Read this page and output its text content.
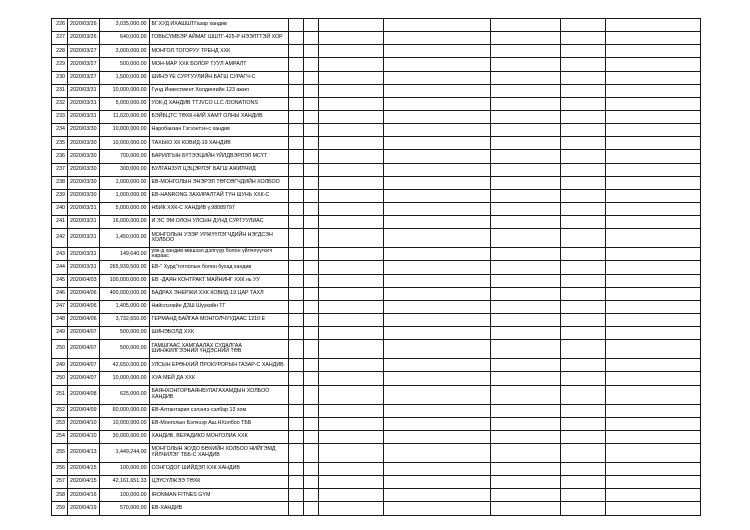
226	2020/03/26	3,035,000.00	БГ.ХУД ИХАШШТГазар хандив							
227	2020/03/26	640,000.00	ГОВЬСҮМБЭР АЙМАГ ШШТГ-425-Р НЭЭЛТТЭЙ ХОР							
228	2020/03/27	3,000,000.00	МОНГОЛ ТОГОРУУ ТРЕНД ХХК							
229	2020/03/27	500,000.00	МОН-МАР ХХК БОЛОР ТУУЛ АМРАЛТ							
230	2020/03/27	1,500,000.00	ШИНЭ ҮЕ СУРГУУЛИЙН БАГШ СУРАГЧ-С							
231	2020/03/31	10,000,000.00	Гүнд Инвестмент Холдингийн 123 ажил							
232	2020/03/31	5,000,000.00	УОК-Д ХАНДИВ TTJVCO LLC /DONATIONS							
233	2020/03/31	11,020,000.00	БЭЙБЦТС ТӨХК-НИЙ ХАМТ ОЛНЫ ХАНДИВ							
234	2020/03/30	10,000,000.00	Наробанзан Гэгээнтэн-с хандив							
235	2020/03/30	10,000,000.00	ТАХЬКО ХК КОВИД-19 ХАНДИВ							
236	2020/03/30	700,000.00	БАРИЛГЫН БҮТЭЭЦИЙН ҮЙЛДВЭРЛЭЛ МСҮТ							
237	2020/03/30	300,000.00	БУЛГАНЗУЛ ЦЭЦЭРЛЭГ БАГШ АЖИЛЧИД							
238	2020/03/30	1,000,000.00	ЕВ-МОНГОЛЫН ЭНЭРЭЛ ТӨГСӨГЧДИЙН ХОЛБОО							
239	2020/03/30	1,000,000.00	ЕВ-HANRONG ЗАХИРАЛТАЙ ТҮН ШУНЬ ХХК-С							
240	2020/03/31	5,000,000.00	НБИК ХХК-С ХАНДИВ у.98089797							
241	2020/03/31	16,000,000.00	И ЭС ЭМ ОЛОН УЛСЫН ДУНД СУРГУУЛИАС							
242	2020/03/31	1,450,000.00	МОНГОЛЫН УЭЭР УРЖҮҮЛЭГЧДИЙН НЭГДСЭН ХОЛБОО							
243	2020/03/31	149,640.00	уок-д хандив мишээл дэлгүүр болон үйлчлүүлэгч нараас							
244	2020/03/31	265,939,500.00	ЕВ-" Хурд"тоглолын болон бусад хандив							
245	2020/04/03	100,000,000.00	ЕВ -ДАЯН КОНТРАКТ МАЙНИНГ ХХК нь УУ							
246	2020/04/06	400,000,000.00	БАДРАХ ЭНЕРЖИ ХХК КОВИД-19 ЦАР ТАХЛ							
247	2020/04/06	1,405,000.00	Нийслэлийн ДЗШ Шүүхийн ТГ							
248	2020/04/06	3,732,650.00	ГЕРМАНД БАЙГАА МОНГОЛЧУУДААС 1210 Е							
249	2020/04/07	500,000.00	ШИНЭБОЛД ХХК							
250	2020/04/07	500,000.00	ГАМШГААС ХАМГААЛАХ СУДАЛГАА ШИНЖИЛГЭЭНИЙ ҮНДЭСНИЙ ТӨВ							
249	2020/04/07	42,650,000.00	УЛСЫН ЕРӨНХИЙ ПРОКУРОРЫН ГАЗАР-С ХАНДИВ							
250	2020/04/07	10,000,000.00	ХУА МЕЙ ДА ХХК							
251	2020/04/08	625,000.00	БАЯНХОНГОРБАЯНБУЛАГАХАМДЫН ХОЛБОО ХАНДИВ							
252	2020/04/09	60,000,000.00	ЕВ-Алтантария сэлэнгэ сэлбар 13 хом							
253	2020/04/10	10,000,000.00	ЕВ-Монголын Бэлчээр Аш.НХолбоо ТББ							
254	2020/04/10	30,000,000.00	ХАНДИВ, ВЕРАДИКО МОНГОЛИА ХХК							
255	2020/04/13	1,449,244.00	МОНГОЛЫН ЖУДО БӨХИЙН ХОЛБОО НИЙГЭМД ҮЙЛЧИЛЭГ ТББ-С ХАНДИВ							
256	2020/04/15	100,000.00	СОНГОДОГ ШИЙДЭЛ ХХК ХАНДИВ							
257	2020/04/15	42,161,651.33	ЦЭҮСҮЛЖЭЭ ТӨХК							
258	2020/04/16	100,000.00	IRONMAN FITNES GYM							
259	2020/04/19	570,000.00	ЕВ-ХАНДИВ							
